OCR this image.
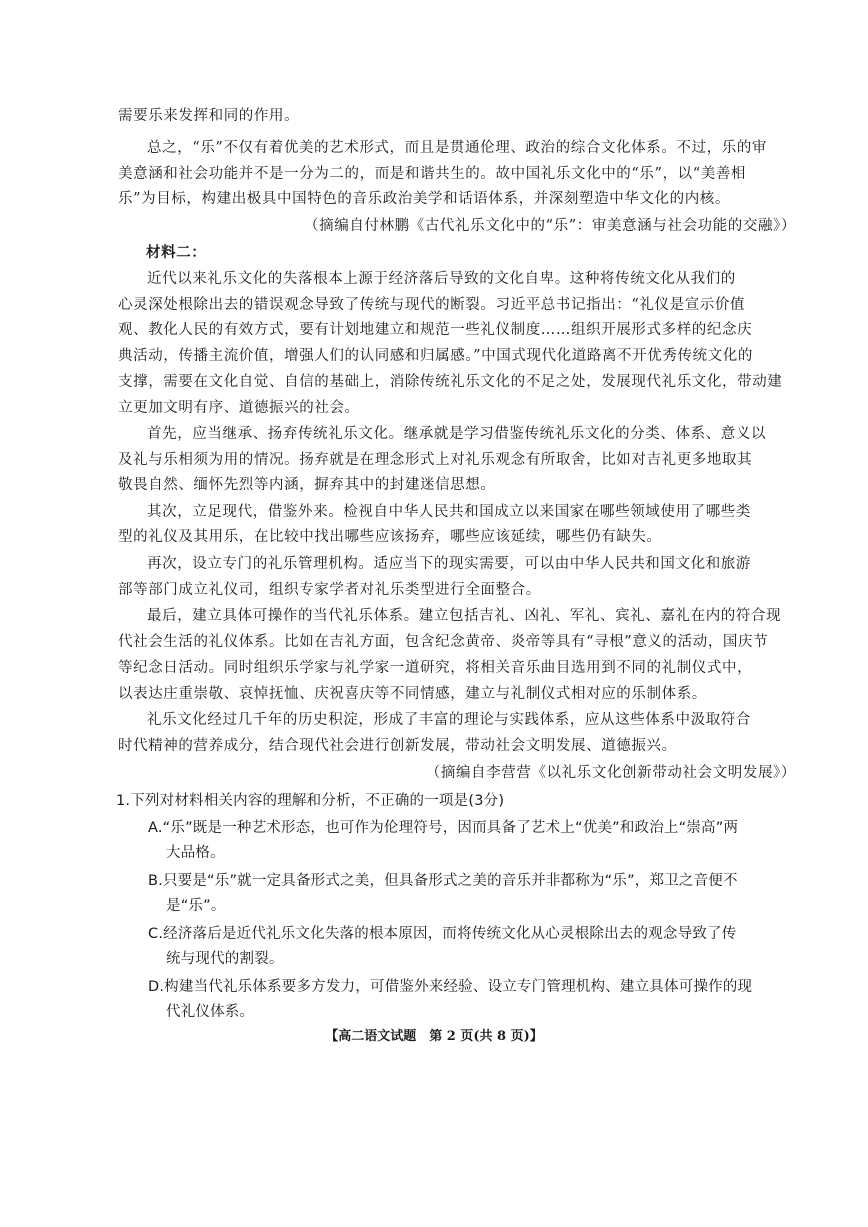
需要乐来发挥和同的作用。
总之，“乐”不仅有着优美的艺术形式，而且是贯通伦理、政治的综合文化体系。不过，乐的审
美意涵和社会功能并不是一分为二的，而是和谐共生的。故中国礼乐文化中的“乐”，以“美善相
乐”为目标，构建出极具中国特色的音乐政治美学和话语体系，并深刻塑造中华文化的内核。
（摘编自付林鹏《古代礼乐文化中的“乐”：审美意涵与社会功能的交融》）
材料二：
近代以来礼乐文化的失落根本上源于经济落后导致的文化自卑。这种将传统文化从我们的
心灵深处根除出去的错误观念导致了传统与现代的断裂。习近平总书记指出：“礼仪是宣示价值
观、教化人民的有效方式，要有计划地建立和规范一些礼仪制度……组织开展形式多样的纪念庆
典活动，传播主流价值，增强人们的认同感和归属感。”中国式现代化道路离不开优秀传统文化的
支撑，需要在文化自觉、自信的基础上，消除传统礼乐文化的不足之处，发展现代礼乐文化，带动建
立更加文明有序、道德振兴的社会。
首先，应当继承、扬弃传统礼乐文化。继承就是学习借鉴传统礼乐文化的分类、体系、意义以
及礼与乐相须为用的情况。扬弃就是在理念形式上对礼乐观念有所取舍，比如对吉礼更多地取其
敬畏自然、缅怀先烈等内涵，摒弃其中的封建迷信思想。
其次，立足现代，借鉴外来。检视自中华人民共和国成立以来国家在哪些领域使用了哪些类
型的礼仪及其用乐，在比较中找出哪些应该扬弃，哪些应该延续，哪些仍有缺失。
再次，设立专门的礼乐管理机构。适应当下的现实需要，可以由中华人民共和国文化和旅游
部等部门成立礼仪司，组织专家学者对礼乐类型进行全面整合。
最后，建立具体可操作的当代礼乐体系。建立包括吉礼、凶礼、军礼、宾礼、嘉礼在内的符合现
代社会生活的礼仪体系。比如在吉礼方面，包含纪念黄帝、炎帝等具有“寻根”意义的活动，国庆节
等纪念日活动。同时组织乐学家与礼学家一道研究，将相关音乐曲目选用到不同的礼制仪式中，
以表达庄重崇敬、哀悼抚恤、庆祝喜庆等不同情感，建立与礼制仪式相对应的乐制体系。
礼乐文化经过几千年的历史积淀，形成了丰富的理论与实践体系，应从这些体系中汲取符合
时代精神的营养成分，结合现代社会进行创新发展，带动社会文明发展、道德振兴。
（摘编自李营营《以礼乐文化创新带动社会文明发展》）
1.下列对材料相关内容的理解和分析，不正确的一项是(3分)
A.“乐”既是一种艺术形态，也可作为伦理符号，因而具备了艺术上“优美”和政治上“崇高”两
大品格。
B.只要是“乐”就一定具备形式之美，但具备形式之美的音乐并非都称为“乐”，郑卫之音便不
是“乐”。
C.经济落后是近代礼乐文化失落的根本原因，而将传统文化从心灵根除出去的观念导致了传
统与现代的割裂。
D.构建当代礼乐体系要多方发力，可借鉴外来经验、设立专门管理机构、建立具体可操作的现
代礼仪体系。
【高二语文试题　第 2 页(共 8 页)】
